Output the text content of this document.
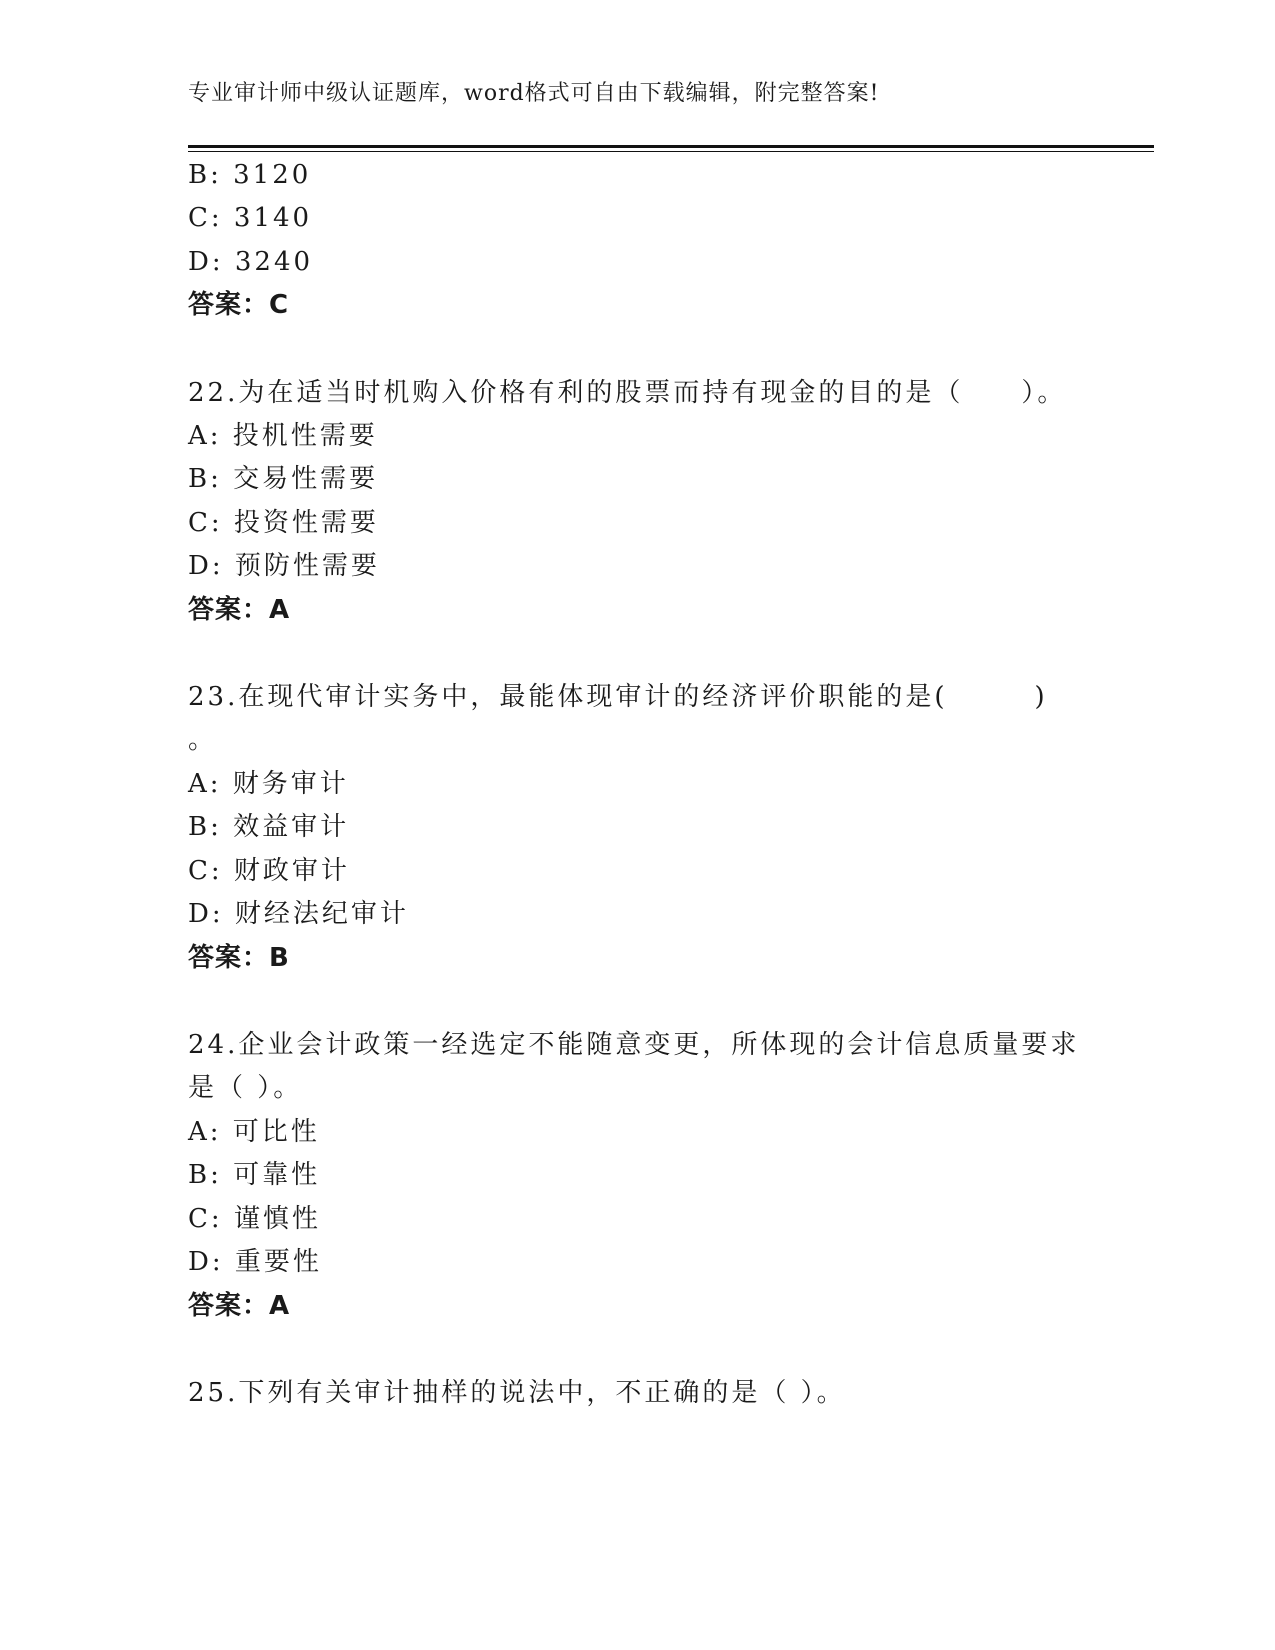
专业审计师中级认证题库，word格式可自由下载编辑，附完整答案!
B: 3120
C: 3140
D: 3240
答案：C
22.为在适当时机购入价格有利的股票而持有现金的目的是（　　）。
A: 投机性需要
B: 交易性需要
C: 投资性需要
D: 预防性需要
答案：A
23.在现代审计实务中，最能体现审计的经济评价职能的是(　　　)
。
A: 财务审计
B: 效益审计
C: 财政审计
D: 财经法纪审计
答案：B
24.企业会计政策一经选定不能随意变更，所体现的会计信息质量要求
是（ ）。
A: 可比性
B: 可靠性
C: 谨慎性
D: 重要性
答案：A
25.下列有关审计抽样的说法中，不正确的是（ ）。
